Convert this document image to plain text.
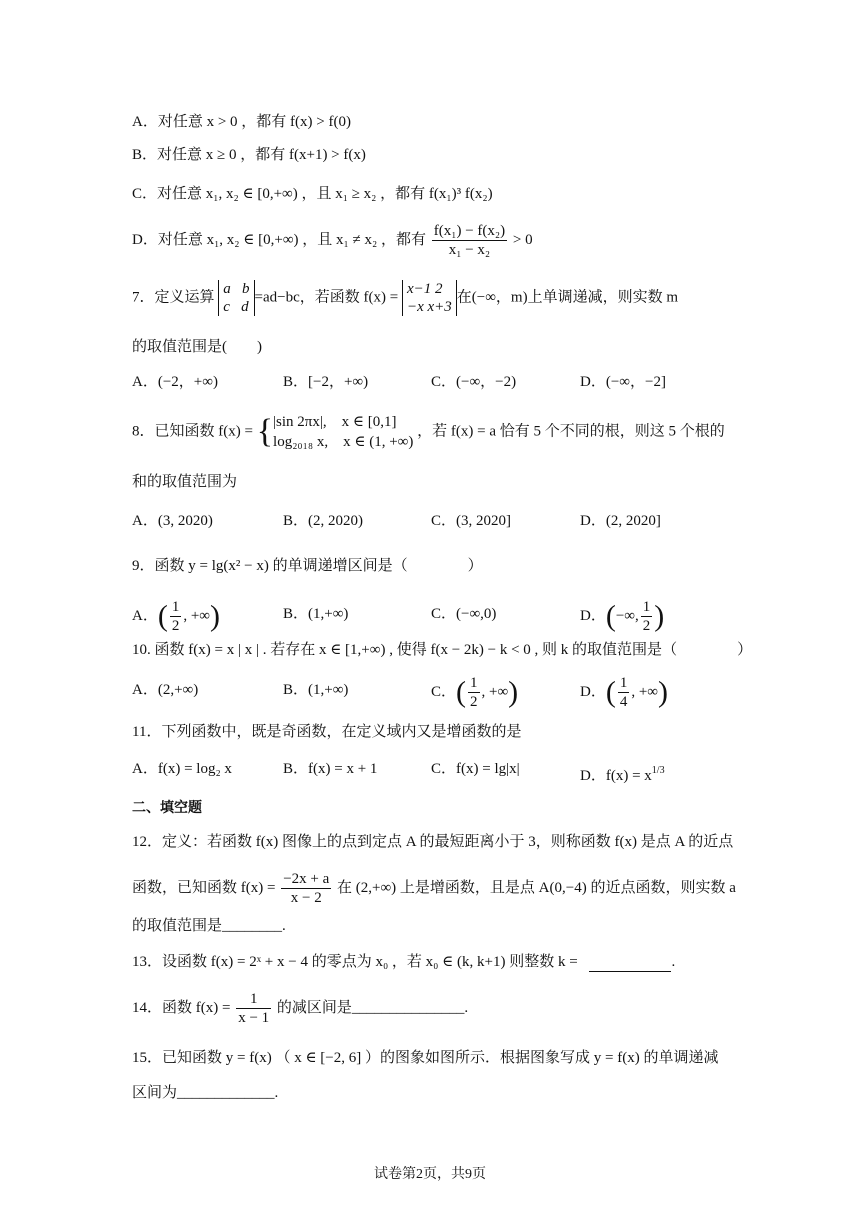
A．对任意 x > 0 ，都有 f(x) > f(0)
B．对任意 x ≥ 0 ，都有 f(x+1) > f(x)
C．对任意 x₁, x₂ ∈ [0,+∞) ，且 x₁ ≥ x₂ ，都有 f(x₁)³ f(x₂)
D．对任意 x₁, x₂ ∈ [0,+∞) ，且 x₁ ≠ x₂ ，都有 $\frac{\text{f(x₁) − f(x₂)}}{\text{x₁ − x₂}} > 0$
7．定义运算
a   b
c   d
=ad−bc，若函数 f(x) =
x−1 2
−x x+3
在(−∞，m)上单调递减，则实数 m
的取值范围是(　　)
A．(−2，+∞)	B．[−2，+∞)	C．(−∞，−2)	D．(−∞，−2]
8．已知函数 f(x) = { |sin 2πx|,　x ∈ [0,1]
log₂₀₁₈ x,　x ∈ (1, +∞)
，若 f(x) = a 恰有 5 个不同的根，则这 5 个根的
和的取值范围为
A．(3, 2020)	B．(2, 2020)	C．(3, 2020]	D．(2, 2020]
9．函数 y = lg(x² − x) 的单调递增区间是（　　　　）
A．( $\frac{1}{2}$ , +∞)	B．(1,+∞)	C．(−∞,0)	D．(−∞, $\frac{1}{2}$ )
10. 函数 f(x) = x | x | . 若存在 x ∈ [1,+∞) , 使得 f(x − 2k) − k < 0 , 则 k 的取值范围是（　　　　）
A．(2,+∞)	B．(1,+∞)	C．( $\frac{1}{2}$ , +∞)	D．( $\frac{1}{4}$ , +∞)
11．下列函数中，既是奇函数，在定义域内又是增函数的是
A．f(x) = log₂ x	B．f(x) = x + 1	C．f(x) = lg|x|	D．$f(x) = x^{1/3}$
二、填空题
12．定义：若函数 f(x) 图像上的点到定点 A 的最短距离小于 3，则称函数 f(x) 是点 A 的近点
函数，已知函数 $f(x) = \frac{-2x + a}{x - 2}$ 在 (2,+∞) 上是增函数，且是点 A(0,−4) 的近点函数，则实数 a
的取值范围是________.
13．设函数 f(x) = 2ˣ + x − 4 的零点为 x₀ ，若 x₀ ∈ (k, k+1) 则整数 k =	.
14．函数 $f(x) = \frac{1}{x - 1}$ 的减区间是_______________.
15．已知函数 y = f(x) （ x ∈ [−2, 6] ）的图象如图所示．根据图象写成 y = f(x) 的单调递减
区间为_____________.
试卷第2页，共9页
